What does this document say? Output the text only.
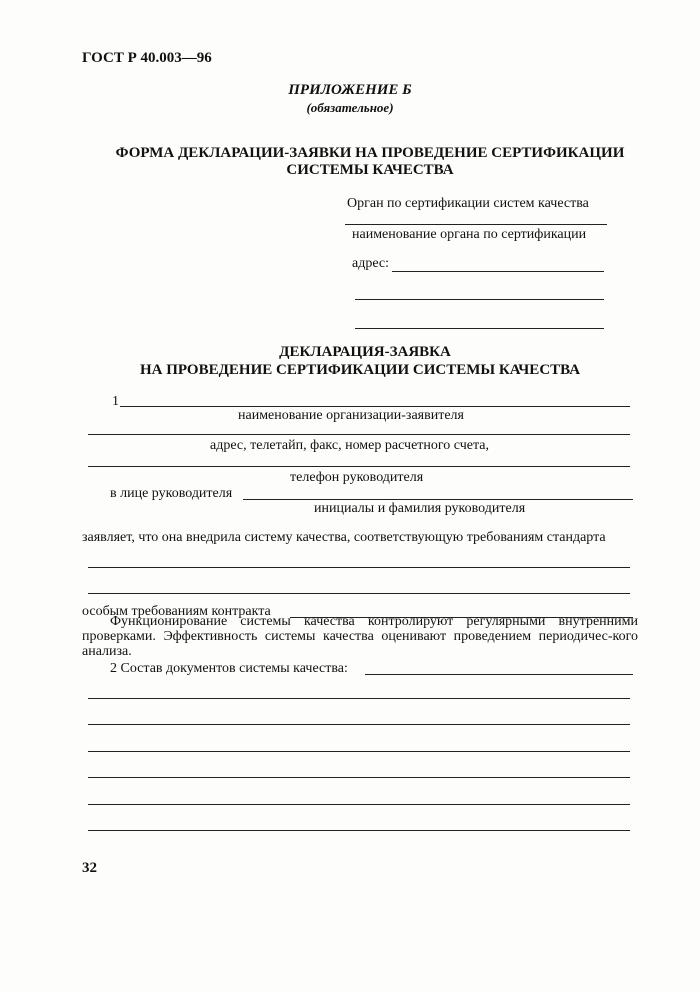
ГОСТ Р 40.003—96
ПРИЛОЖЕНИЕ Б
(обязательное)
ФОРМА ДЕКЛАРАЦИИ-ЗАЯВКИ НА ПРОВЕДЕНИЕ СЕРТИФИКАЦИИ
СИСТЕМЫ КАЧЕСТВА
Орган по сертификации систем качества
наименование органа по сертификации
адрес:
ДЕКЛАРАЦИЯ-ЗАЯВКА
НА ПРОВЕДЕНИЕ СЕРТИФИКАЦИИ СИСТЕМЫ КАЧЕСТВА
1
наименование организации-заявителя
адрес, телетайп, факс, номер расчетного счета,
телефон руководителя
в лице руководителя
инициалы и фамилия руководителя
заявляет, что она внедрила систему качества, соответствующую требованиям стандарта
особым требованиям контракта
Функционирование системы качества контролируют регулярными внутренними проверками. Эффективность системы качества оценивают проведением периодичес-кого анализа.
2 Состав документов системы качества:
32
